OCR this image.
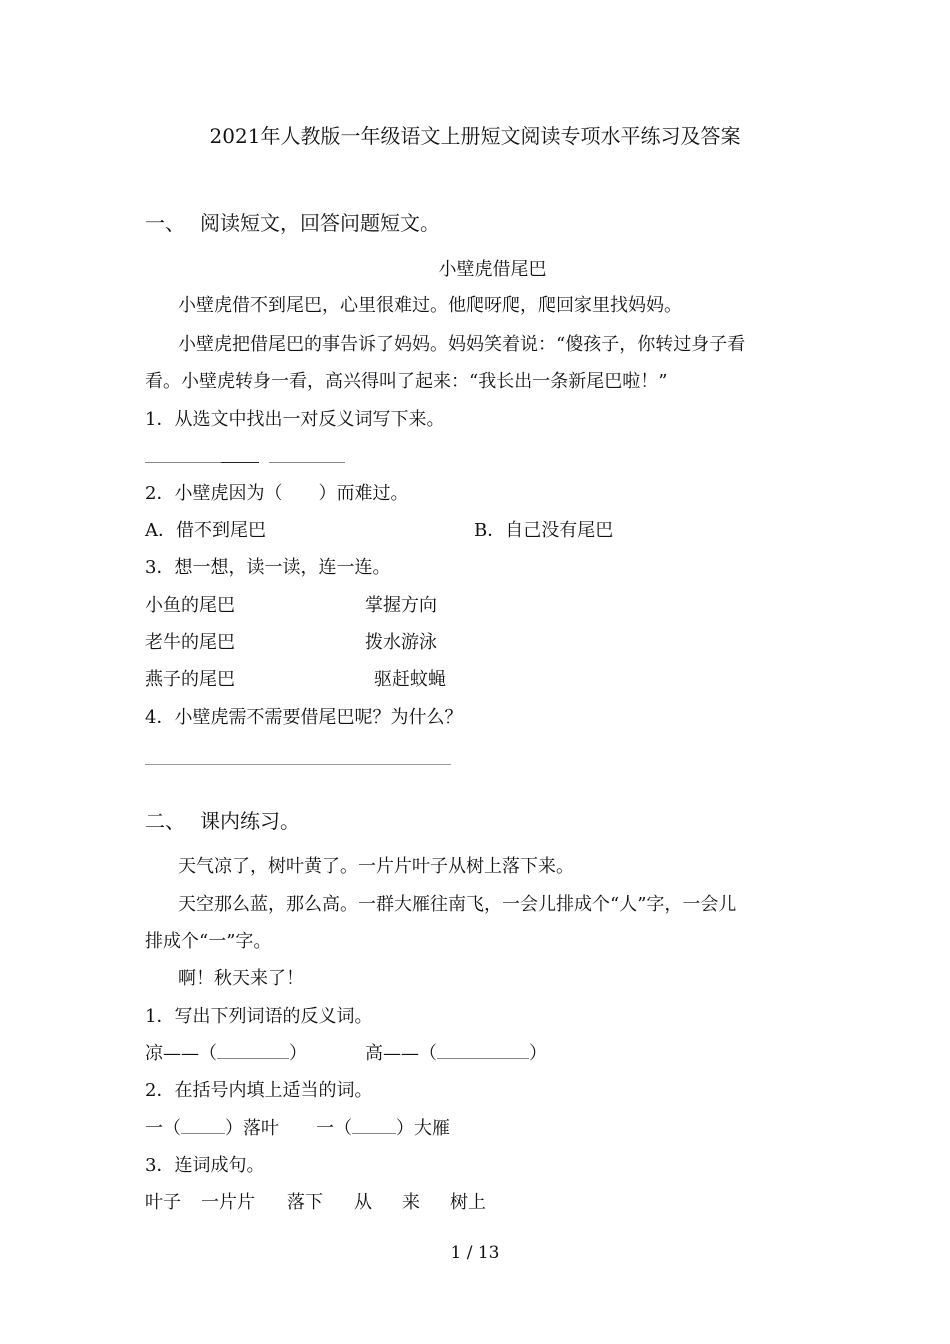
2021年人教版一年级语文上册短文阅读专项水平练习及答案
一、 阅读短文，回答问题短文。
小壁虎借尾巴
小壁虎借不到尾巴，心里很难过。他爬呀爬，爬回家里找妈妈。
小壁虎把借尾巴的事告诉了妈妈。妈妈笑着说：“傻孩子，你转过身子看
看。小壁虎转身一看，高兴得叫了起来：“我长出一条新尾巴啦！”
1．从选文中找出一对反义词写下来。
2．小壁虎因为（　　）而难过。
A．借不到尾巴	B．自己没有尾巴
3．想一想，读一读，连一连。
小鱼的尾巴	掌握方向
老牛的尾巴	拨水游泳
燕子的尾巴	驱赶蚊蝇
4．小壁虎需不需要借尾巴呢？为什么？
二、 课内练习。
天气凉了，树叶黄了。一片片叶子从树上落下来。
天空那么蓝，那么高。一群大雁往南飞，一会儿排成个“人”字，一会儿
排成个“一”字。
啊！秋天来了！
1．写出下列词语的反义词。
凉——（	）	高——（	）
2．在括号内填上适当的词。
一（ ）落叶 一（ ）大雁
3．连词成句。
叶子 一片片 落下 从 来 树上
1 / 13
